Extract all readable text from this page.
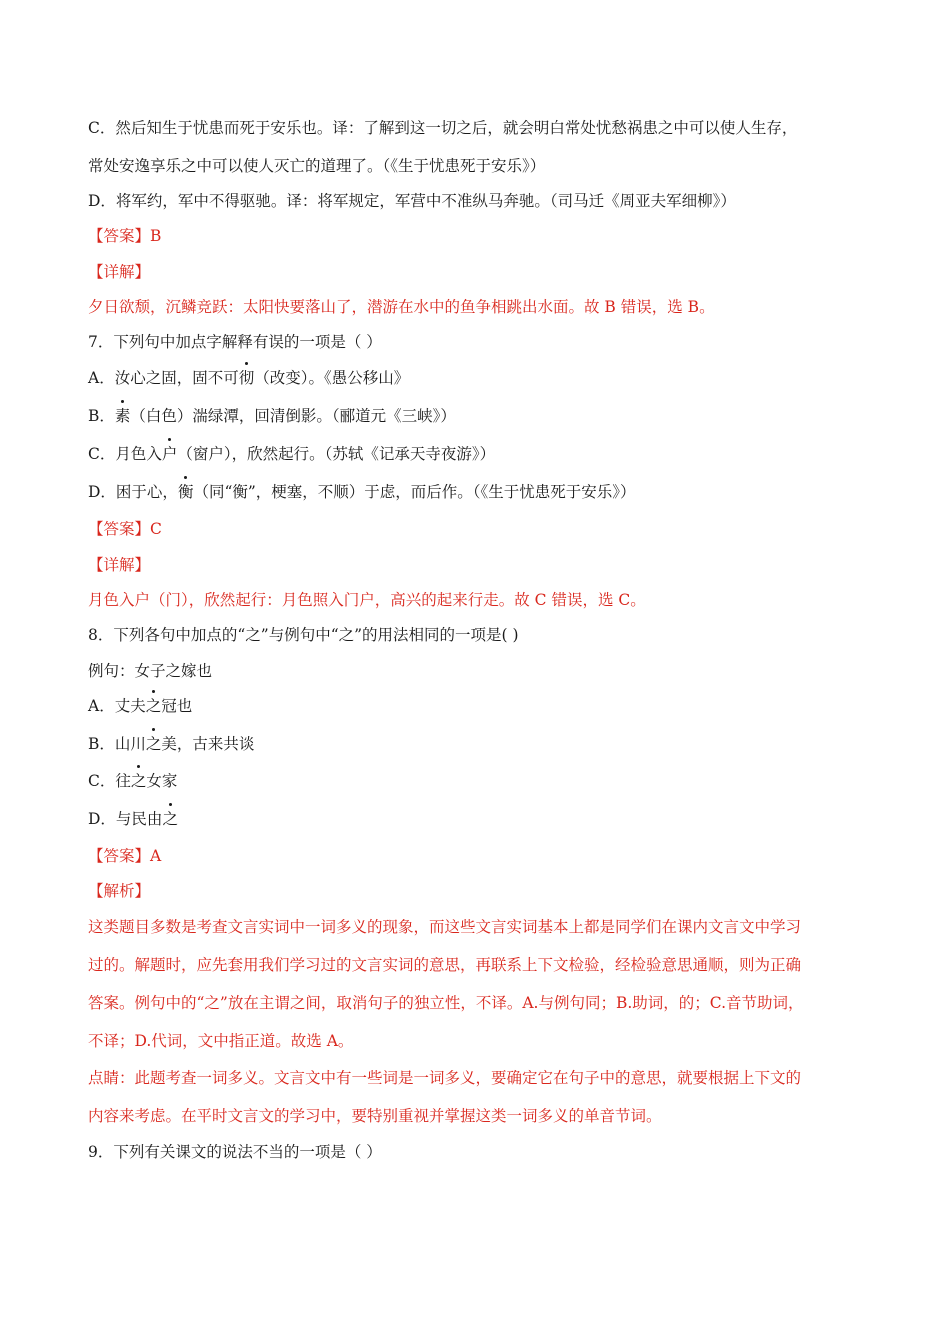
C．然后知生于忧患而死于安乐也。译：了解到这一切之后，就会明白常处忧愁祸患之中可以使人生存，
常处安逸享乐之中可以使人灭亡的道理了。（《生于忧患死于安乐》）
D．将军约，军中不得驱驰。译：将军规定，军营中不准纵马奔驰。（司马迁《周亚夫军细柳》）
【答案】B
【详解】
夕日欲颓，沉鳞竞跃：太阳快要落山了，潜游在水中的鱼争相跳出水面。故 B 错误，选 B。
7．下列句中加点字解释有误的一项是（ ）
A．汝心之固，固不可彻（改变）。《愚公移山》
B．素（白色）湍绿潭，回清倒影。（郦道元《三峡》）
C．月色入户（窗户），欣然起行。（苏轼《记承天寺夜游》）
D．困于心，衡（同“衡”，梗塞，不顺）于虑，而后作。（《生于忧患死于安乐》）
【答案】C
【详解】
月色入户（门），欣然起行：月色照入门户，高兴的起来行走。故 C 错误，选 C。
8．下列各句中加点的“之”与例句中“之”的用法相同的一项是( )
例句：女子之嫁也
A．丈夫之冠也
B．山川之美，古来共谈
C．往之女家
D．与民由之
【答案】A
【解析】
这类题目多数是考查文言实词中一词多义的现象，而这些文言实词基本上都是同学们在课内文言文中学习
过的。解题时，应先套用我们学习过的文言实词的意思，再联系上下文检验，经检验意思通顺，则为正确
答案。例句中的“之”放在主谓之间，取消句子的独立性，不译。A.与例句同；B.助词，的；C.音节助词，
不译；D.代词，文中指正道。故选 A。
点睛：此题考查一词多义。文言文中有一些词是一词多义，要确定它在句子中的意思，就要根据上下文的
内容来考虑。在平时文言文的学习中，要特别重视并掌握这类一词多义的单音节词。
9．下列有关课文的说法不当的一项是（ ）
